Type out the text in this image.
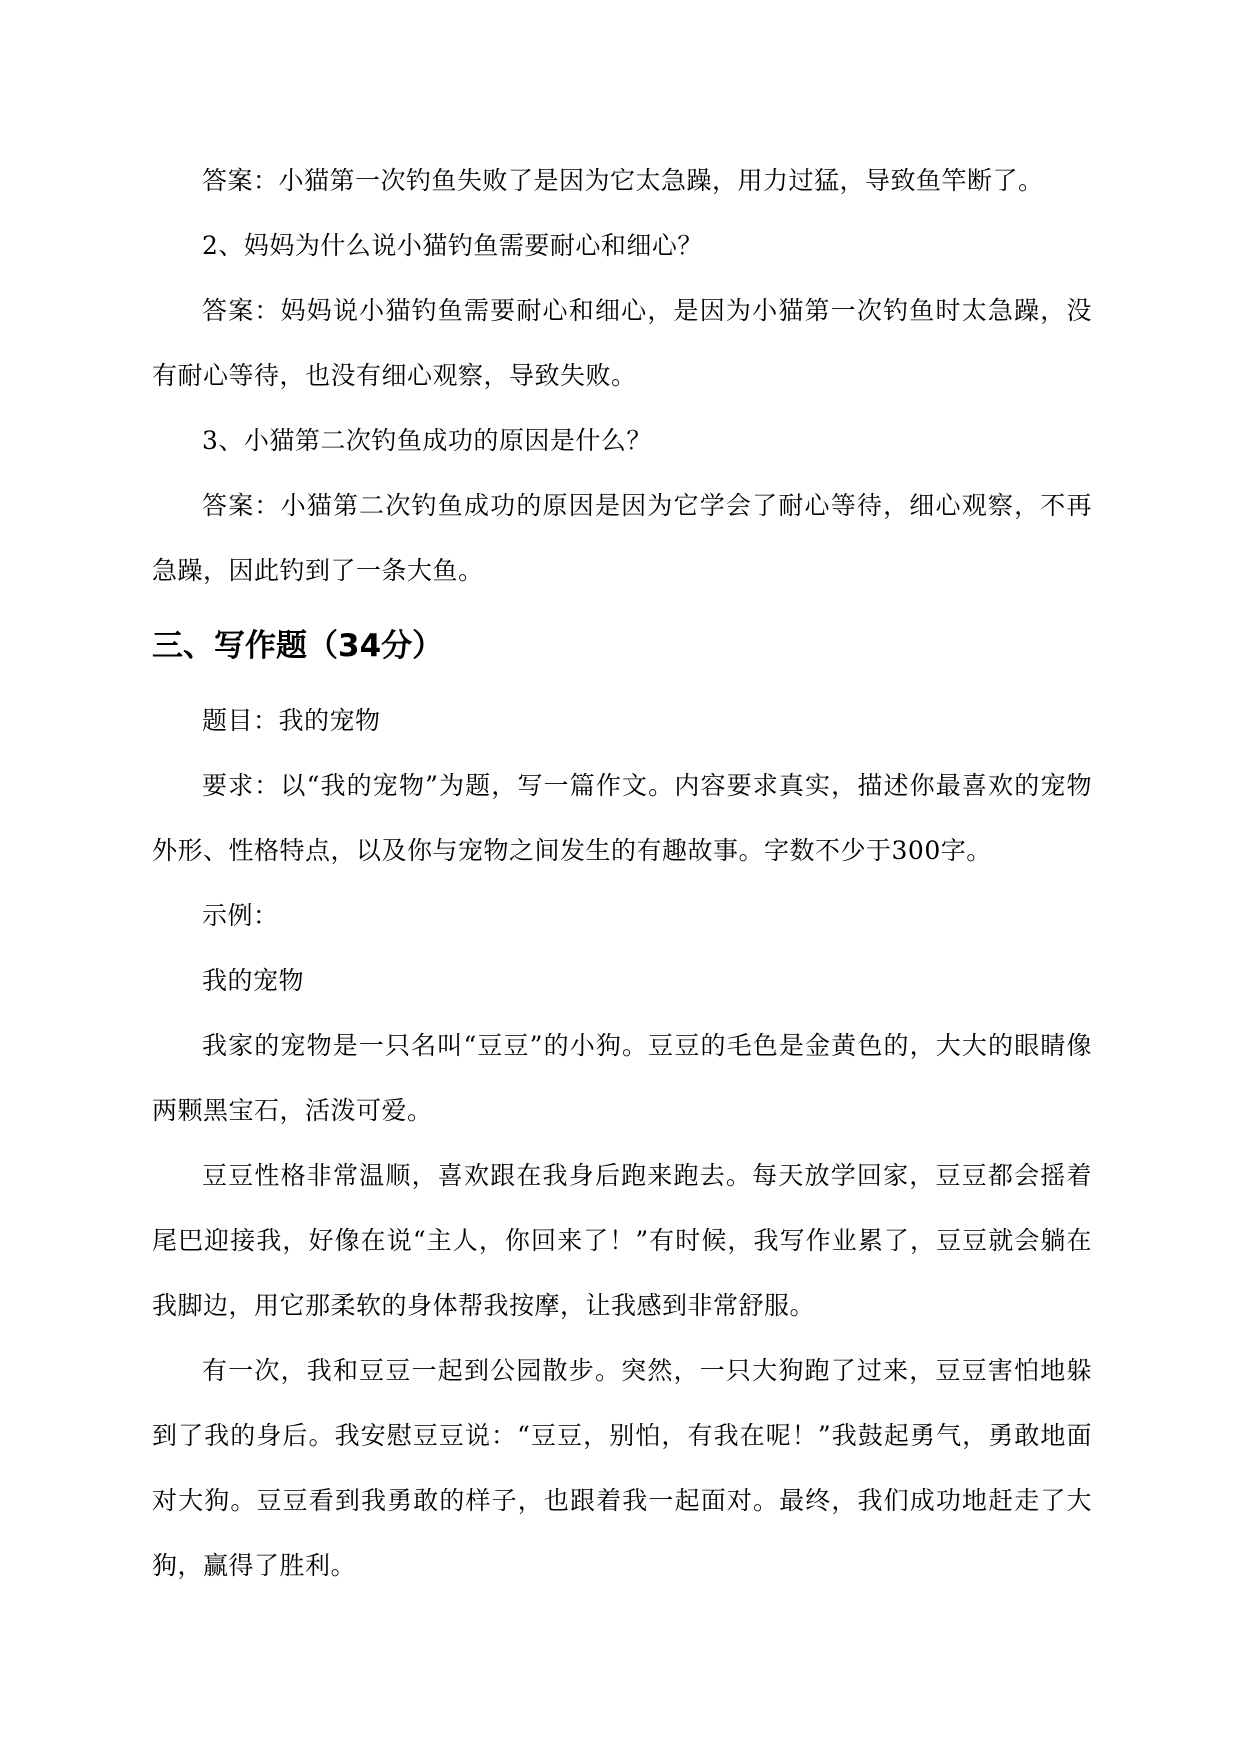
答案：小猫第一次钓鱼失败了是因为它太急躁，用力过猛，导致鱼竿断了。

2、妈妈为什么说小猫钓鱼需要耐心和细心？

答案：妈妈说小猫钓鱼需要耐心和细心，是因为小猫第一次钓鱼时太急躁，没有耐心等待，也没有细心观察，导致失败。

3、小猫第二次钓鱼成功的原因是什么？

答案：小猫第二次钓鱼成功的原因是因为它学会了耐心等待，细心观察，不再急躁，因此钓到了一条大鱼。

三、写作题（34分）

题目：我的宠物

要求：以“我的宠物”为题，写一篇作文。内容要求真实，描述你最喜欢的宠物外形、性格特点，以及你与宠物之间发生的有趣故事。字数不少于300字。

示例：

我的宠物

我家的宠物是一只名叫“豆豆”的小狗。豆豆的毛色是金黄色的，大大的眼睛像两颗黑宝石，活泼可爱。

豆豆性格非常温顺，喜欢跟在我身后跑来跑去。每天放学回家，豆豆都会摇着尾巴迎接我，好像在说“主人，你回来了！”有时候，我写作业累了，豆豆就会躺在我脚边，用它那柔软的身体帮我按摩，让我感到非常舒服。

有一次，我和豆豆一起到公园散步。突然，一只大狗跑了过来，豆豆害怕地躲到了我的身后。我安慰豆豆说：“豆豆，别怕，有我在呢！”我鼓起勇气，勇敢地面对大狗。豆豆看到我勇敢的样子，也跟着我一起面对。最终，我们成功地赶走了大狗，赢得了胜利。
